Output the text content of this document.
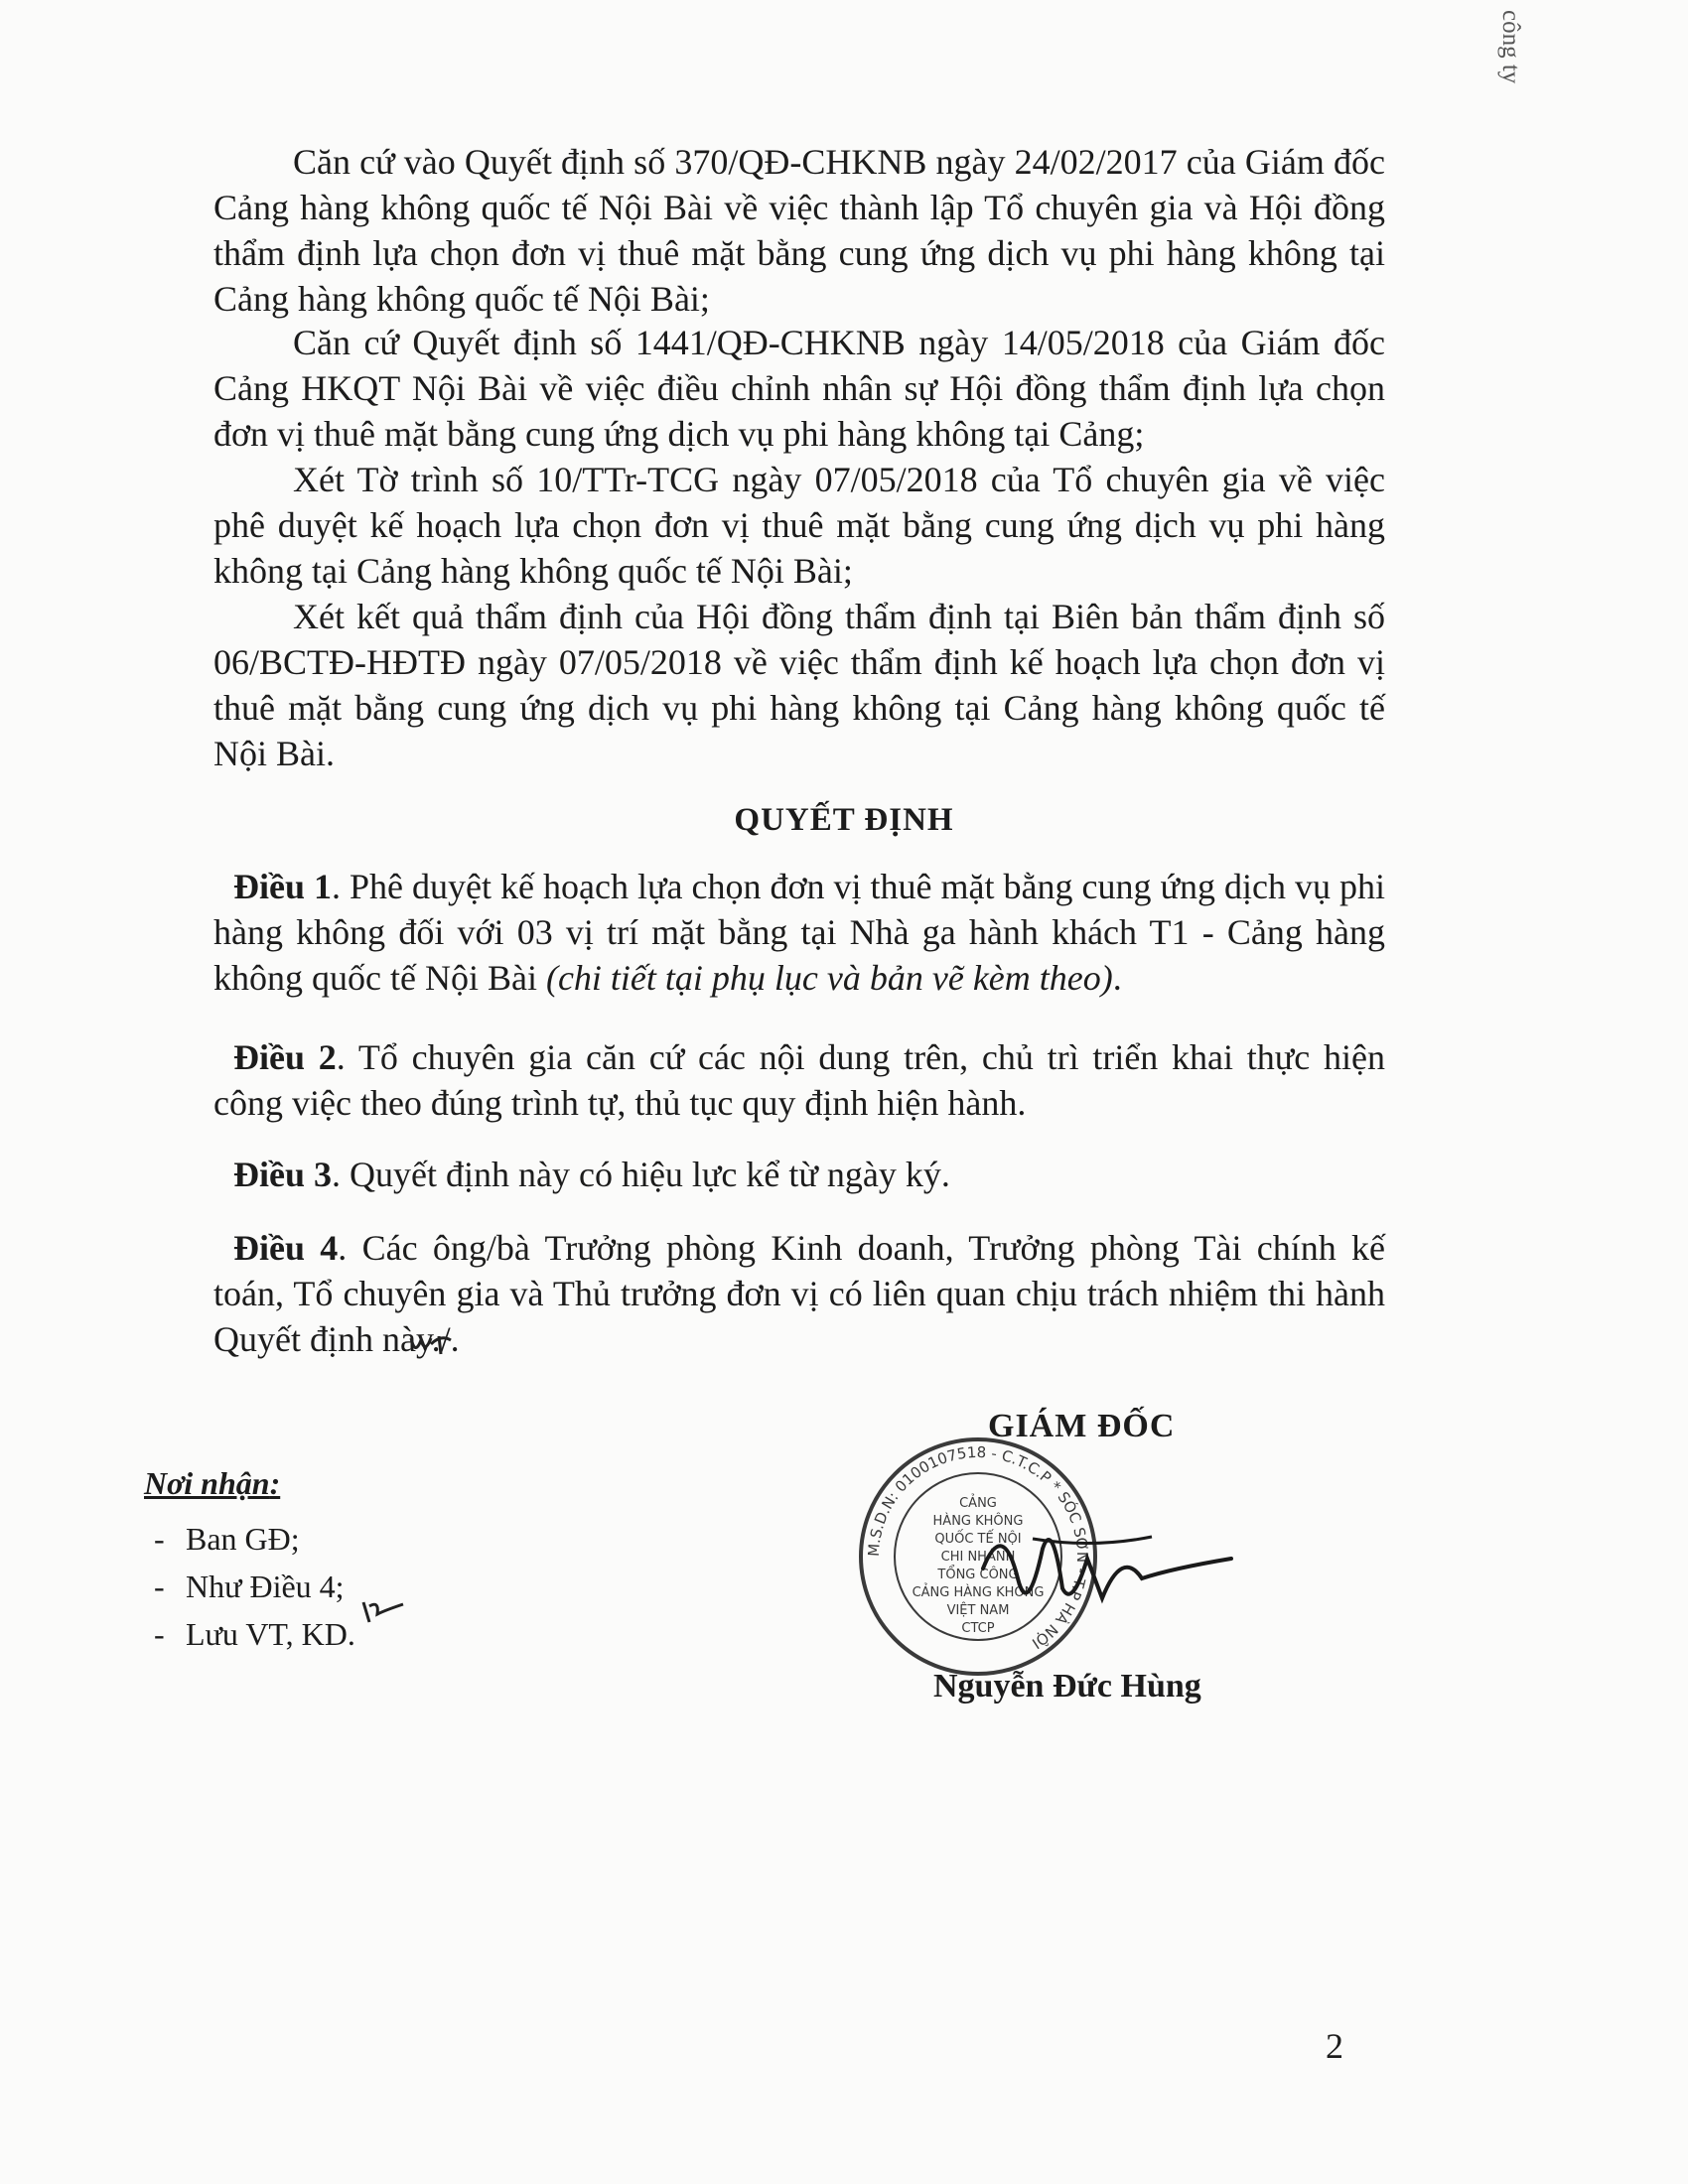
công ty

Căn cứ vào Quyết định số 370/QĐ-CHKNB ngày 24/02/2017 của Giám đốc Cảng hàng không quốc tế Nội Bài về việc thành lập Tổ chuyên gia và Hội đồng thẩm định lựa chọn đơn vị thuê mặt bằng cung ứng dịch vụ phi hàng không tại Cảng hàng không quốc tế Nội Bài;

Căn cứ Quyết định số 1441/QĐ-CHKNB ngày 14/05/2018 của Giám đốc Cảng HKQT Nội Bài về việc điều chỉnh nhân sự Hội đồng thẩm định lựa chọn đơn vị thuê mặt bằng cung ứng dịch vụ phi hàng không tại Cảng;

Xét Tờ trình số 10/TTr-TCG ngày 07/05/2018 của Tổ chuyên gia về việc phê duyệt kế hoạch lựa chọn đơn vị thuê mặt bằng cung ứng dịch vụ phi hàng không tại Cảng hàng không quốc tế Nội Bài;

Xét kết quả thẩm định của Hội đồng thẩm định tại Biên bản thẩm định số 06/BCTĐ-HĐTĐ ngày 07/05/2018 về việc thẩm định kế hoạch lựa chọn đơn vị thuê mặt bằng cung ứng dịch vụ phi hàng không tại Cảng hàng không quốc tế Nội Bài.

QUYẾT ĐỊNH

Điều 1. Phê duyệt kế hoạch lựa chọn đơn vị thuê mặt bằng cung ứng dịch vụ phi hàng không đối với 03 vị trí mặt bằng tại Nhà ga hành khách T1 - Cảng hàng không quốc tế Nội Bài (chi tiết tại phụ lục và bản vẽ kèm theo).

Điều 2. Tổ chuyên gia căn cứ các nội dung trên, chủ trì triển khai thực hiện công việc theo đúng trình tự, thủ tục quy định hiện hành.

Điều 3. Quyết định này có hiệu lực kể từ ngày ký.

Điều 4. Các ông/bà Trưởng phòng Kinh doanh, Trưởng phòng Tài chính kế toán, Tổ chuyên gia và Thủ trưởng đơn vị có liên quan chịu trách nhiệm thi hành Quyết định này./.

Nơi nhận:
- Ban GĐ;
- Như Điều 4;
- Lưu VT, KD.
CẢNG
HÀNG KHÔNG
QUỐC TẾ NỘI
CHI NHÁNH
TỔNG CÔNG
CẢNG HÀNG KHÔNG
VIỆT NAM
CTCP
M.S.D.N: 0100107518 - C.T.C.P * SÓC SƠN - T.P HÀ NỘI
GIÁM ĐỐC
Nguyễn Đức Hùng
2
